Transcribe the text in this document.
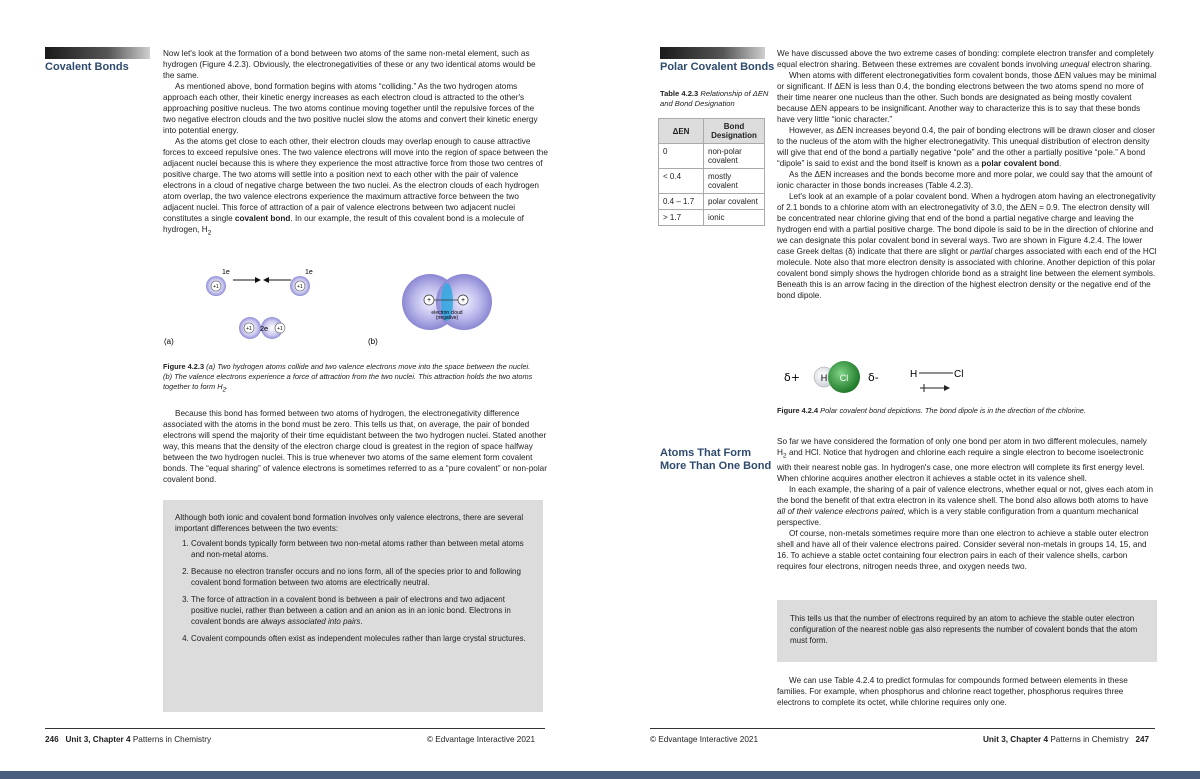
Covalent Bonds

Now let's look at the formation of a bond between two atoms of the same non-metal element, such as hydrogen (Figure 4.2.3). Obviously, the electronegativities of these or any two identical atoms would be the same.

As mentioned above, bond formation begins with atoms “colliding.” As the two hydrogen atoms approach each other, their kinetic energy increases as each electron cloud is attracted to the other's approaching positive nucleus. The two atoms continue moving together until the repulsive forces of the two negative electron clouds and the two positive nuclei slow the atoms and convert their kinetic energy into potential energy.

As the atoms get close to each other, their electron clouds may overlap enough to cause attractive forces to exceed repulsive ones. The two valence electrons will move into the region of space between the adjacent nuclei because this is where they experience the most attractive force from those two centres of positive charge. The two atoms will settle into a position next to each other with the pair of valence electrons in a cloud of negative charge between the two nuclei. As the electron clouds of each hydrogen atom overlap, the two valence electrons experience the maximum attractive force between the two adjacent nuclei. This force of attraction of a pair of valence electrons between two adjacent nuclei constitutes a single covalent bond. In our example, the result of this covalent bond is a molecule of hydrogen, $H_2$

+1
1e
+1
1e
+1	+1
2e
+	+
electron cloud
(negative)
(a)	(b)
Figure 4.2.3 (a) Two hydrogen atoms collide and two valence electrons move into the space between the nuclei. (b) The valence electrons experience a force of attraction from the two nuclei. This attraction holds the two atoms together to form $H_2$.

Because this bond has formed between two atoms of hydrogen, the electronegativity difference associated with the atoms in the bond must be zero. This tells us that, on average, the pair of bonded electrons will spend the majority of their time equidistant between the two hydrogen nuclei. Stated another way, this means that the density of the electron charge cloud is greatest in the region of space halfway between the two hydrogen nuclei. This is true whenever two atoms of the same element form covalent bonds. The “equal sharing” of valence electrons is sometimes referred to as a “pure covalent” or non-polar covalent bond.

Although both ionic and covalent bond formation involves only valence electrons, there are several important differences between the two events:
1. Covalent bonds typically form between two non-metal atoms rather than between metal atoms and non-metal atoms.
2. Because no electron transfer occurs and no ions form, all of the species prior to and following covalent bond formation between two atoms are electrically neutral.
3. The force of attraction in a covalent bond is between a pair of electrons and two adjacent positive nuclei, rather than between a cation and an anion as in an ionic bond. Electrons in covalent bonds are always associated into pairs.
4. Covalent compounds often exist as independent molecules rather than large crystal structures.
246 Unit 3, Chapter 4 Patterns in Chemistry	© Edvantage Interactive 2021
Polar Covalent Bonds
Table 4.2.3 Relationship of ΔEN and Bond Designation
ΔEN	Bond Designation
0	non-polar covalent
< 0.4	mostly covalent
0.4 – 1.7	polar covalent
> 1.7	ionic

We have discussed above the two extreme cases of bonding: complete electron transfer and completely equal electron sharing. Between these extremes are covalent bonds involving unequal electron sharing.

When atoms with different electronegativities form covalent bonds, those ΔEN values may be minimal or significant. If ΔEN is less than 0.4, the bonding electrons between the two atoms spend no more of their time nearer one nucleus than the other. Such bonds are designated as being mostly covalent because ΔEN appears to be insignificant. Another way to characterize this is to say that these bonds have very little “ionic character.”

However, as ΔEN increases beyond 0.4, the pair of bonding electrons will be drawn closer and closer to the nucleus of the atom with the higher electronegativity. This unequal distribution of electron density will give that end of the bond a partially negative “pole” and the other a partially positive “pole.” A bond “dipole” is said to exist and the bond itself is known as a polar covalent bond.

As the ΔEN increases and the bonds become more and more polar, we could say that the amount of ionic character in those bonds increases (Table 4.2.3).

Let's look at an example of a polar covalent bond. When a hydrogen atom having an electronegativity of 2.1 bonds to a chlorine atom with an electronegativity of 3.0, the ΔEN = 0.9. The electron density will be concentrated near chlorine giving that end of the bond a partial negative charge and leaving the hydrogen end with a partial positive charge. The bond dipole is said to be in the direction of chlorine and we can designate this polar covalent bond in several ways. Two are shown in Figure 4.2.4. The lower case Greek deltas (δ) indicate that there are slight or partial charges associated with each end of the HCl molecule. Note also that more electron density is associated with chlorine. Another depiction of this polar covalent bond simply shows the hydrogen chloride bond as a straight line between the element symbols. Beneath this is an arrow facing in the direction of the highest electron density or the negative end of the bond dipole.

δ+ H Cl δ-	H	Cl
Figure 4.2.4 Polar covalent bond depictions. The bond dipole is in the direction of the chlorine.
Atoms That Form
More Than One Bond

So far we have considered the formation of only one bond per atom in two different molecules, namely $H_2$ and HCl. Notice that hydrogen and chlorine each require a single electron to become isoelectronic with their nearest noble gas. In hydrogen's case, one more electron will complete its first energy level. When chlorine acquires another electron it achieves a stable octet in its valence shell.

In each example, the sharing of a pair of valence electrons, whether equal or not, gives each atom in the bond the benefit of that extra electron in its valence shell. The bond also allows both atoms to have all of their valence electrons paired, which is a very stable configuration from a quantum mechanical perspective.

Of course, non-metals sometimes require more than one electron to achieve a stable outer electron shell and have all of their valence electrons paired. Consider several non-metals in groups 14, 15, and 16. To achieve a stable octet containing four electron pairs in each of their valence shells, carbon requires four electrons, nitrogen needs three, and oxygen needs two.

This tells us that the number of electrons required by an atom to achieve the stable outer electron configuration of the nearest noble gas also represents the number of covalent bonds that the atom must form.

We can use Table 4.2.4 to predict formulas for compounds formed between elements in these families. For example, when phosphorus and chlorine react together, phosphorus requires three electrons to complete its octet, while chlorine requires only one.

© Edvantage Interactive 2021	Unit 3, Chapter 4 Patterns in Chemistry 247
